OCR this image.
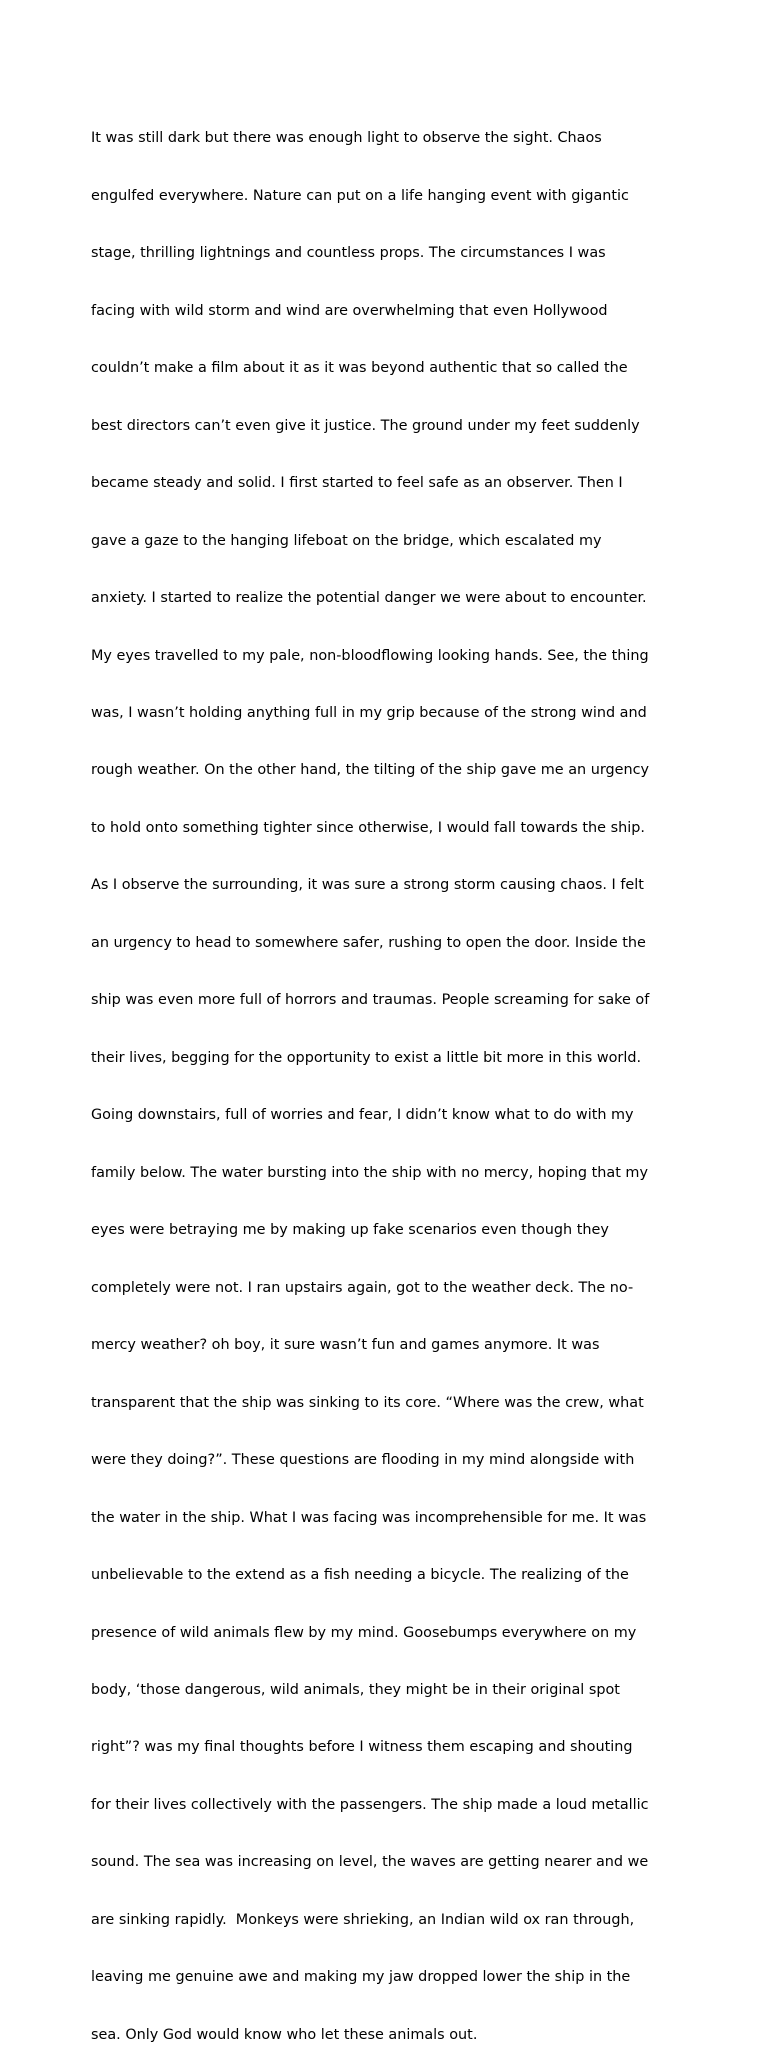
It was still dark but there was enough light to observe the sight. Chaos

engulfed everywhere. Nature can put on a life hanging event with gigantic

stage, thrilling lightnings and countless props. The circumstances I was

facing with wild storm and wind are overwhelming that even Hollywood

couldn’t make a film about it as it was beyond authentic that so called the

best directors can’t even give it justice. The ground under my feet suddenly

became steady and solid. I first started to feel safe as an observer. Then I

gave a gaze to the hanging lifeboat on the bridge, which escalated my

anxiety. I started to realize the potential danger we were about to encounter.

My eyes travelled to my pale, non-bloodflowing looking hands. See, the thing

was, I wasn’t holding anything full in my grip because of the strong wind and

rough weather. On the other hand, the tilting of the ship gave me an urgency

to hold onto something tighter since otherwise, I would fall towards the ship.

As I observe the surrounding, it was sure a strong storm causing chaos. I felt

an urgency to head to somewhere safer, rushing to open the door. Inside the

ship was even more full of horrors and traumas. People screaming for sake of

their lives, begging for the opportunity to exist a little bit more in this world.

Going downstairs, full of worries and fear, I didn’t know what to do with my

family below. The water bursting into the ship with no mercy, hoping that my

eyes were betraying me by making up fake scenarios even though they

completely were not. I ran upstairs again, got to the weather deck. The no-

mercy weather? oh boy, it sure wasn’t fun and games anymore. It was

transparent that the ship was sinking to its core. “Where was the crew, what

were they doing?”. These questions are flooding in my mind alongside with

the water in the ship. What I was facing was incomprehensible for me. It was

unbelievable to the extend as a fish needing a bicycle. The realizing of the

presence of wild animals flew by my mind. Goosebumps everywhere on my

body, ‘those dangerous, wild animals, they might be in their original spot

right”? was my final thoughts before I witness them escaping and shouting

for their lives collectively with the passengers. The ship made a loud metallic

sound. The sea was increasing on level, the waves are getting nearer and we

are sinking rapidly.  Monkeys were shrieking, an Indian wild ox ran through,

leaving me genuine awe and making my jaw dropped lower the ship in the

sea. Only God would know who let these animals out.
